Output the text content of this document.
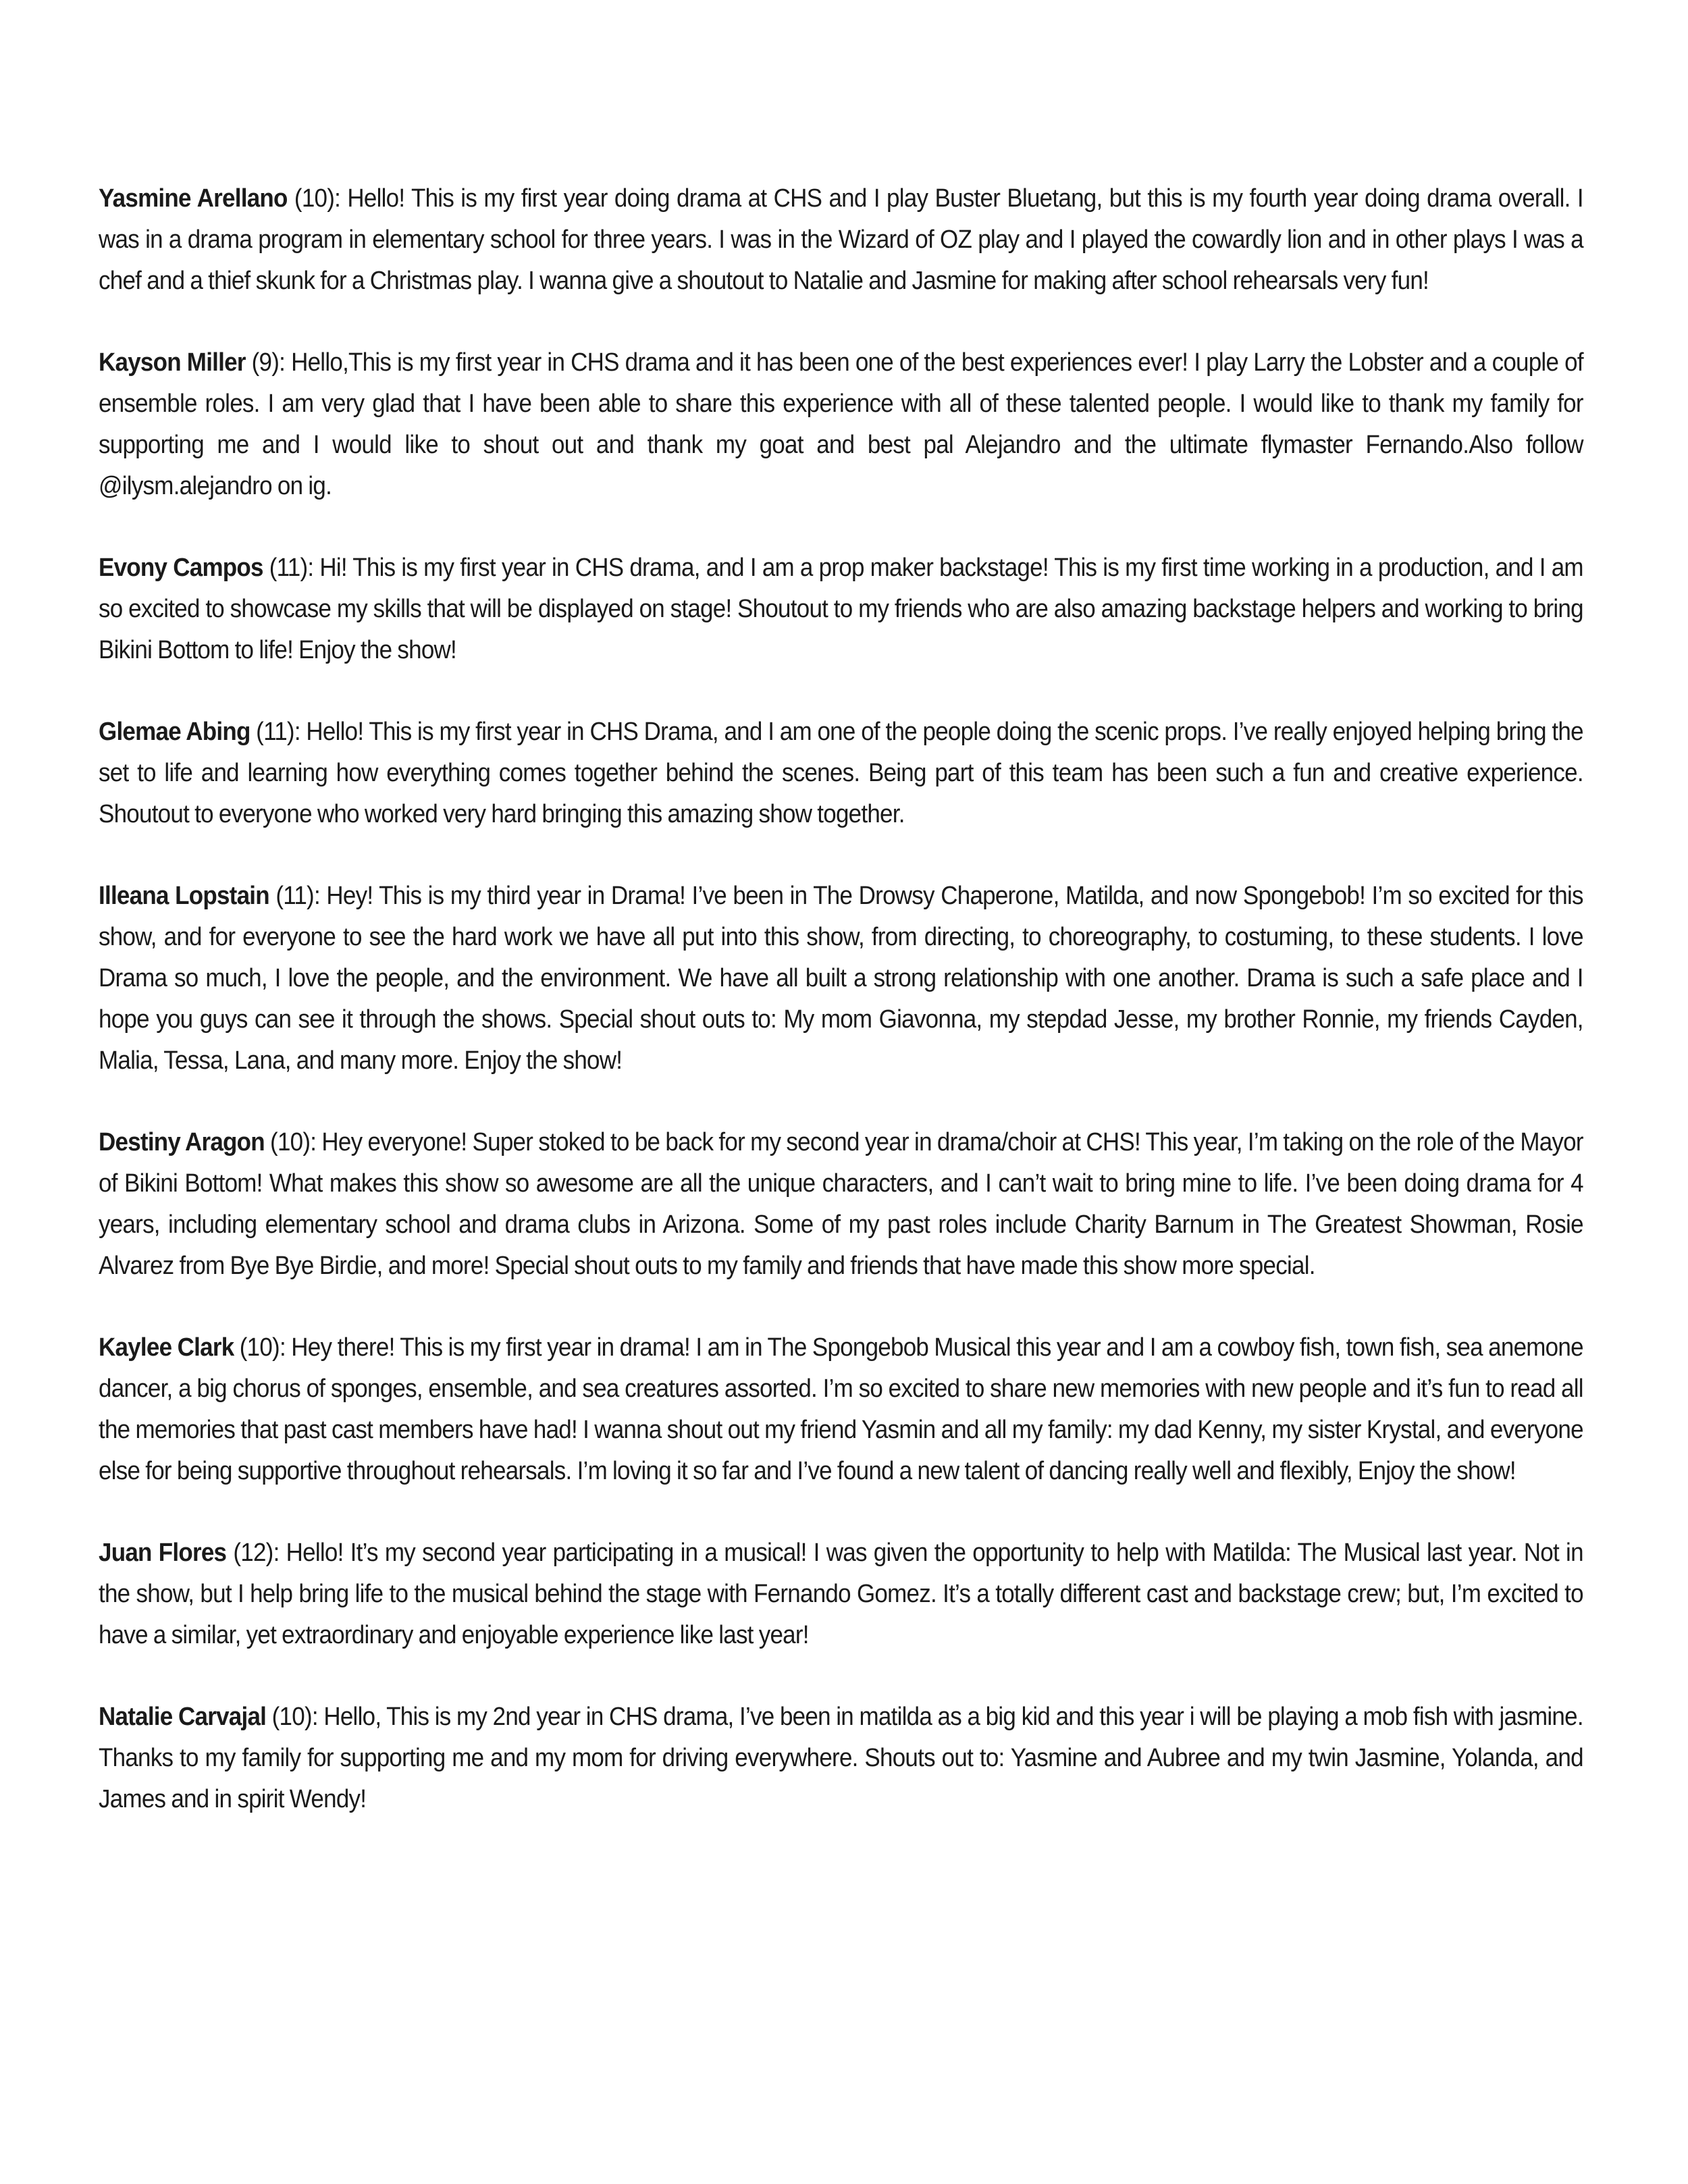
Yasmine Arellano (10): Hello! This is my first year doing drama at CHS and I play Buster Bluetang, but this is my fourth year doing drama overall. I was in a drama program in elementary school for three years. I was in the Wizard of OZ play and I played the cowardly lion and in other plays I was a chef and a thief skunk for a Christmas play. I wanna give a shoutout to Natalie and Jasmine for making after school rehearsals very fun!

Kayson Miller (9): Hello,This is my first year in CHS drama and it has been one of the best experiences ever! I play Larry the Lobster and a couple of ensemble roles. I am very glad that I have been able to share this experience with all of these talented people. I would like to thank my family for supporting me and I would like to shout out and thank my goat and best pal Alejandro and the ultimate flymaster Fernando.Also follow @ilysm.alejandro on ig.

Evony Campos (11): Hi! This is my first year in CHS drama, and I am a prop maker backstage! This is my first time working in a production, and I am so excited to showcase my skills that will be displayed on stage! Shoutout to my friends who are also amazing backstage helpers and working to bring Bikini Bottom to life! Enjoy the show!

Glemae Abing (11): Hello! This is my first year in CHS Drama, and I am one of the people doing the scenic props. I’ve really enjoyed helping bring the set to life and learning how everything comes together behind the scenes. Being part of this team has been such a fun and creative experience. Shoutout to everyone who worked very hard bringing this amazing show together.

Illeana Lopstain (11): Hey! This is my third year in Drama! I’ve been in The Drowsy Chaperone, Matilda, and now Spongebob! I’m so excited for this show, and for everyone to see the hard work we have all put into this show, from directing, to choreography, to costuming, to these students. I love Drama so much, I love the people, and the environment. We have all built a strong relationship with one another. Drama is such a safe place and I hope you guys can see it through the shows. Special shout outs to: My mom Giavonna, my stepdad Jesse, my brother Ronnie, my friends Cayden, Malia, Tessa, Lana, and many more. Enjoy the show!

Destiny Aragon (10): Hey everyone! Super stoked to be back for my second year in drama/choir at CHS! This year, I’m taking on the role of the Mayor of Bikini Bottom! What makes this show so awesome are all the unique characters, and I can’t wait to bring mine to life. I’ve been doing drama for 4 years, including elementary school and drama clubs in Arizona. Some of my past roles include Charity Barnum in The Greatest Showman, Rosie Alvarez from Bye Bye Birdie, and more! Special shout outs to my family and friends that have made this show more special.

Kaylee Clark (10): Hey there! This is my first year in drama! I am in The Spongebob Musical this year and I am a cowboy fish, town fish, sea anemone dancer, a big chorus of sponges, ensemble, and sea creatures assorted. I’m so excited to share new memories with new people and it’s fun to read all the memories that past cast members have had! I wanna shout out my friend Yasmin and all my family: my dad Kenny, my sister Krystal, and everyone else for being supportive throughout rehearsals. I’m loving it so far and I’ve found a new talent of dancing really well and flexibly, Enjoy the show!

Juan Flores (12): Hello! It’s my second year participating in a musical! I was given the opportunity to help with Matilda: The Musical last year. Not in the show, but I help bring life to the musical behind the stage with Fernando Gomez. It’s a totally different cast and backstage crew; but, I’m excited to have a similar, yet extraordinary and enjoyable experience like last year!

Natalie Carvajal (10): Hello, This is my 2nd year in CHS drama, I’ve been in matilda as a big kid and this year i will be playing a mob fish with jasmine. Thanks to my family for supporting me and my mom for driving everywhere. Shouts out to: Yasmine and Aubree and my twin Jasmine, Yolanda, and James and in spirit Wendy!
